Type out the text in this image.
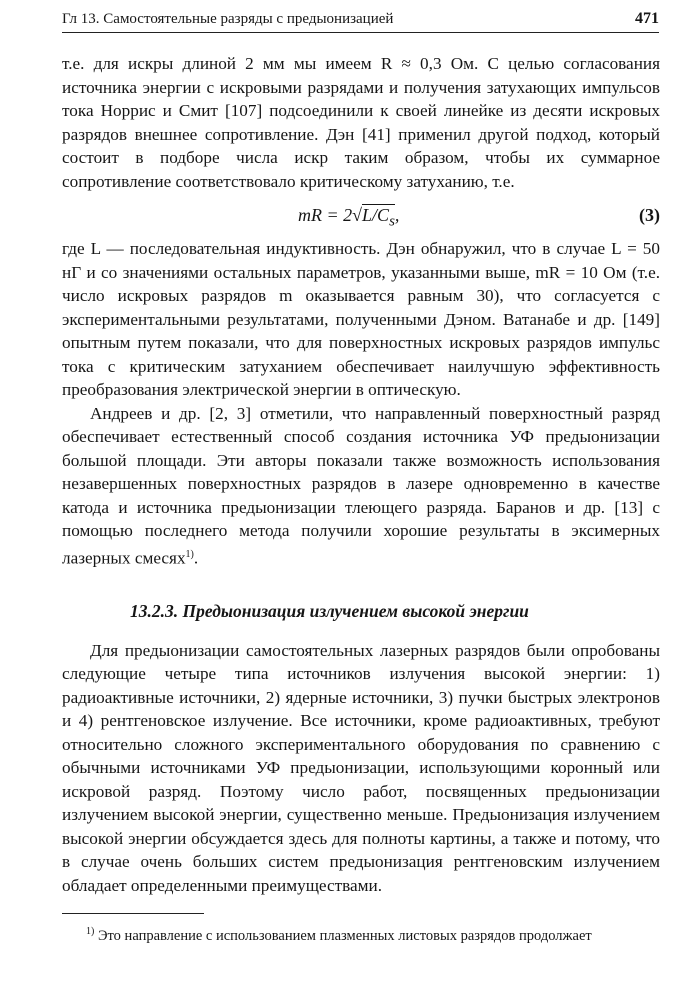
Гл 13. Самостоятельные разряды с предыонизацией	471

т.е. для искры длиной 2 мм мы имеем R ≈ 0,3 Ом. С целью согласования источника энергии с искровыми разрядами и получения затухающих импульсов тока Норрис и Смит [107] подсоединили к своей линейке из десяти искровых разрядов внешнее сопротивление. Дэн [41] применил другой подход, который состоит в подборе числа искр таким образом, чтобы их суммарное сопротивление соответствовало критическому затуханию, т.е.

mR = $2√L/C_s$,	(3)

где L — последовательная индуктивность. Дэн обнаружил, что в случае L = 50 нГ и со значениями остальных параметров, указанными выше, mR = 10 Ом (т.е. число искровых разрядов m оказывается равным 30), что согласуется с экспериментальными результатами, полученными Дэном. Ватанабе и др. [149] опытным путем показали, что для поверхностных искровых разрядов импульс тока с критическим затуханием обеспечивает наилучшую эффективность преобразования электрической энергии в оптическую.

Андреев и др. [2, 3] отметили, что направленный поверхностный разряд обеспечивает естественный способ создания источника УФ предыонизации большой площади. Эти авторы показали также возможность использования незавершенных поверхностных разрядов в лазере одновременно в качестве катода и источника предыонизации тлеющего разряда. Баранов и др. [13] с помощью последнего метода получили хорошие результаты в эксимерных лазерных смесях$^{1)}$.

13.2.3. Предыонизация излучением высокой энергии

Для предыонизации самостоятельных лазерных разрядов были опробованы следующие четыре типа источников излучения высокой энергии: 1) радиоактивные источники, 2) ядерные источники, 3) пучки быстрых электронов и 4) рентгеновское излучение. Все источники, кроме радиоактивных, требуют относительно сложного экспериментального оборудования по сравнению с обычными источниками УФ предыонизации, использующими коронный или искровой разряд. Поэтому число работ, посвященных предыонизации излучением высокой энергии, существенно меньше. Предыонизация излучением высокой энергии обсуждается здесь для полноты картины, а также и потому, что в случае очень больших систем предыонизация рентгеновским излучением обладает определенными преимуществами.

$^{1)}$ Это направление с использованием плазменных листовых разрядов продолжает
